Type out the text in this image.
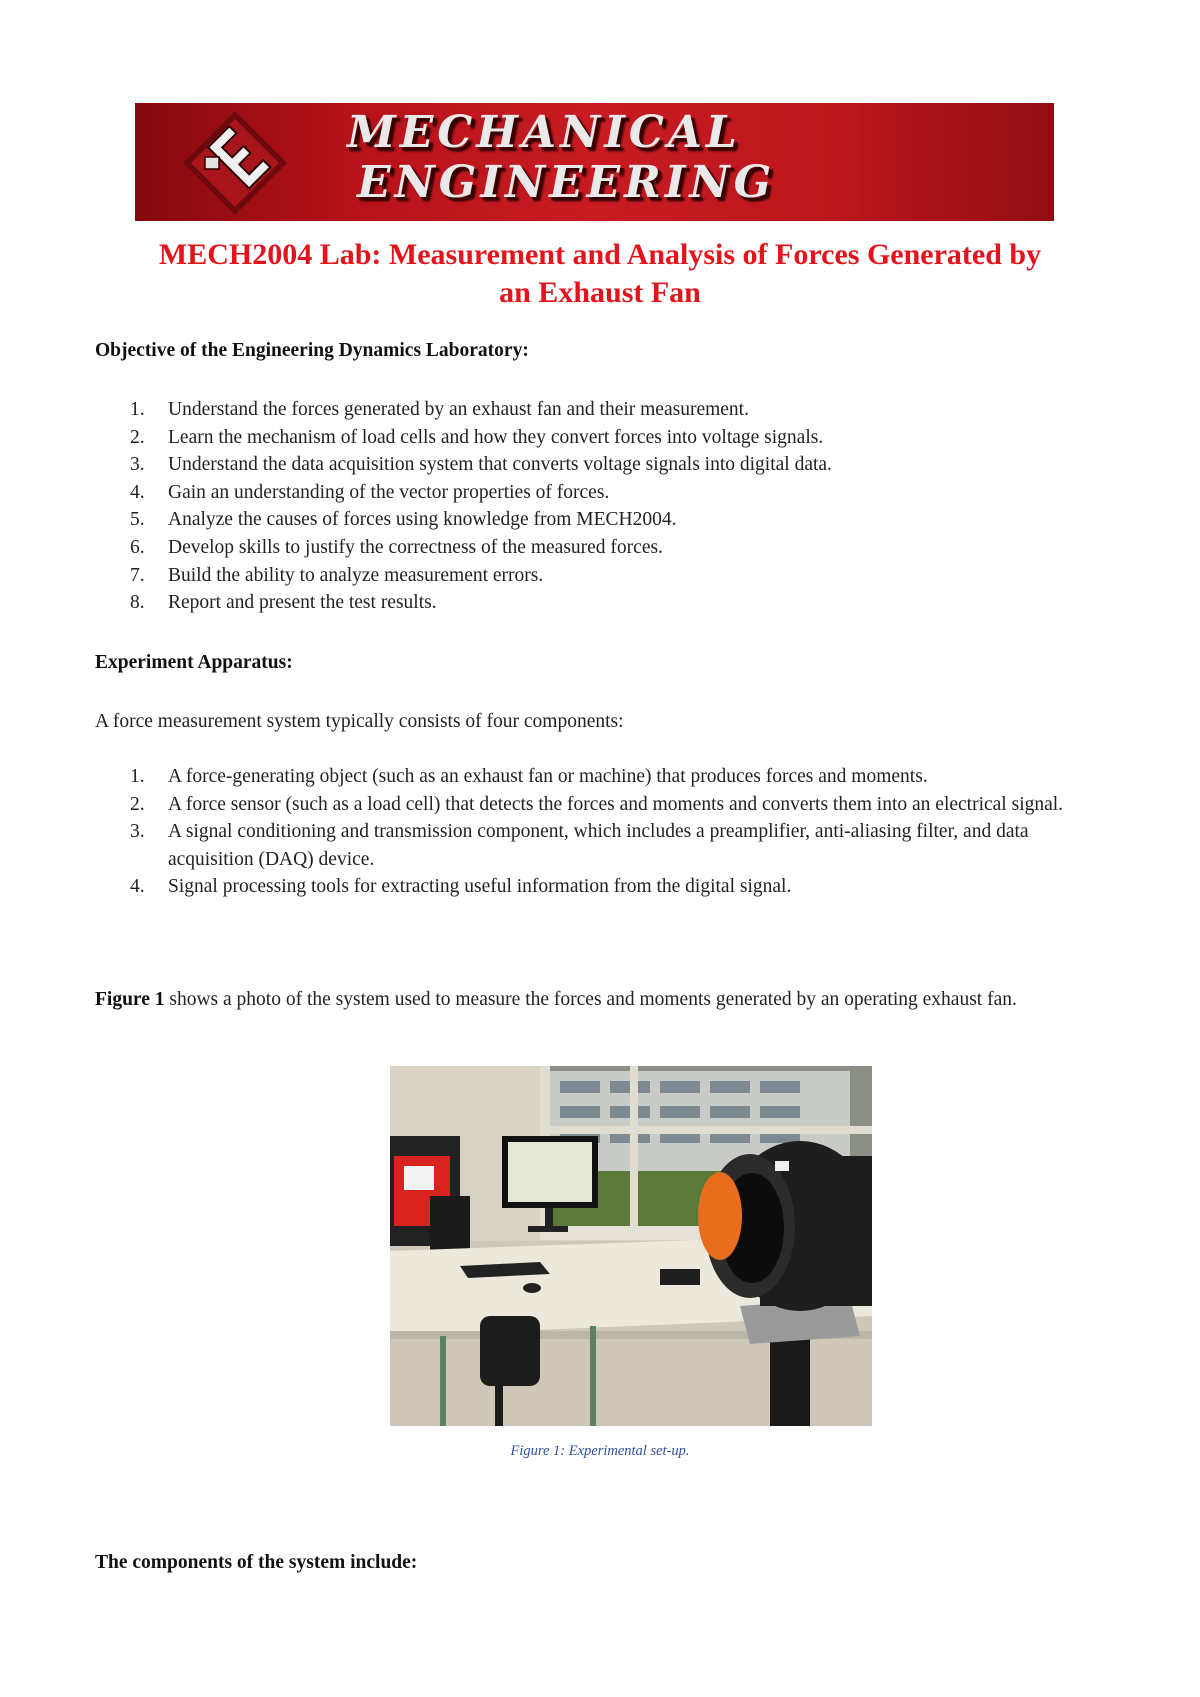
MECHANICAL
ENGINEERING
MECH2004 Lab: Measurement and Analysis of Forces Generated by
an Exhaust Fan
Objective of the Engineering Dynamics Laboratory:
1. Understand the forces generated by an exhaust fan and their measurement.
2. Learn the mechanism of load cells and how they convert forces into voltage signals.
3. Understand the data acquisition system that converts voltage signals into digital data.
4. Gain an understanding of the vector properties of forces.
5. Analyze the causes of forces using knowledge from MECH2004.
6. Develop skills to justify the correctness of the measured forces.
7. Build the ability to analyze measurement errors.
8. Report and present the test results.
Experiment Apparatus:
A force measurement system typically consists of four components:
1. A force-generating object (such as an exhaust fan or machine) that produces forces and moments.
2. A force sensor (such as a load cell) that detects the forces and moments and converts them into an electrical signal.
3. A signal conditioning and transmission component, which includes a preamplifier, anti-aliasing filter, and data acquisition (DAQ) device.
4. Signal processing tools for extracting useful information from the digital signal.
Figure 1 shows a photo of the system used to measure the forces and moments generated by an operating exhaust fan.
Figure 1: Experimental set-up.
The components of the system include:
